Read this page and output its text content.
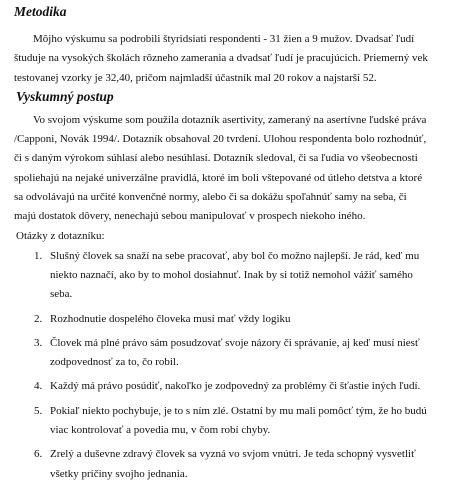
Metodika

Môjho výskumu sa podrobili štyridsiati respondenti - 31 žien a 9 mužov. Dvadsať ľudí
študuje na vysokých školách rôzneho zamerania a dvadsať ľudí je pracujúcich. Priemerný vek
testovanej vzorky je 32,40, pričom najmladší účastník mal 20 rokov a najstarší 52.

Vyskumný postup

Vo svojom výskume som použila dotazník asertivity, zameraný na asertívne ľudské práva
/Capponi, Novák 1994/. Dotazník obsahoval 20 tvrdení. Ulohou respondenta bolo rozhodnúť,
či s daným výrokom súhlasí alebo nesúhlasí. Dotazník sledoval, či sa ľudia vo všeobecnosti
spoliehajú na nejaké univerzálne pravidlá, ktoré im boli vštepované od útleho detstva a ktoré
sa odvolávajú na určité konvenčné normy, alebo či sa dokážu spoľahnúť samy na seba, či
majú dostatok dôvery, nenechajú sebou manipulovať v prospech niekoho iného.

Otázky z dotazníku:
1. Slušný človek sa snaží na sebe pracovať, aby bol čo možno najlepší. Je rád, keď mu
niekto naznačí, ako by to mohol dosiahnuť. Inak by si totiž nemohol vážiť samého
seba.
2. Rozhodnutie dospelého človeka musí mať vždy logiku
3. Človek má plné právo sám posudzovať svoje názory či správanie, aj keď musí niesť
zodpovednosť za to, čo robil.
4. Každý má právo posúdiť, nakoľko je zodpovedný za problémy či šťastie iných ľudí.
5. Pokiaľ niekto pochybuje, je to s ním zlé. Ostatní by mu mali pomôcť tým, že ho budú
viac kontrolovať a povedia mu, v čom robí chyby.
6. Zrelý a duševne zdravý človek sa vyzná vo svjom vnútri. Je teda schopný vysvetliť
všetky príčiny svojho jednania.
